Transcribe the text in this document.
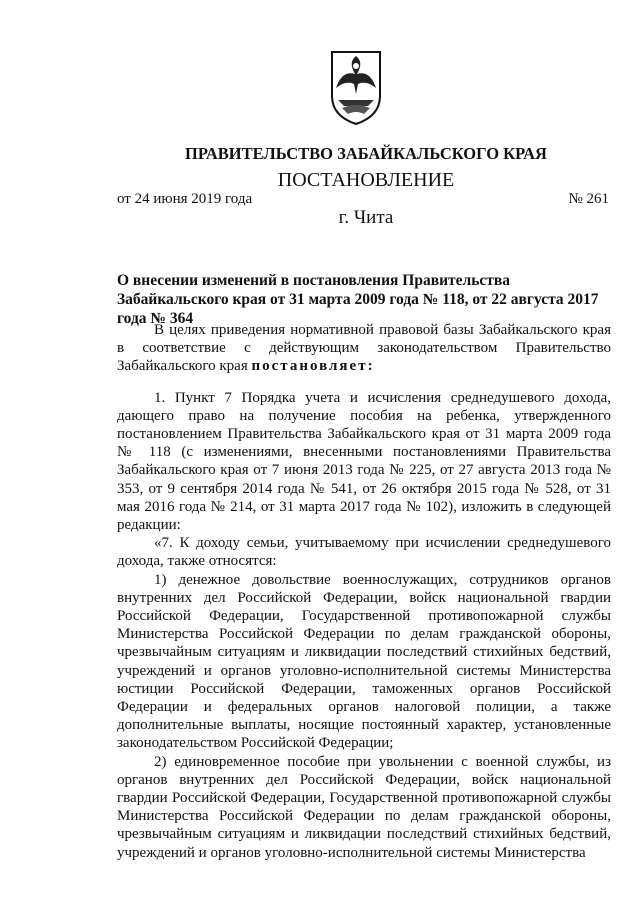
ПРАВИТЕЛЬСТВО ЗАБАЙКАЛЬСКОГО КРАЯ
ПОСТАНОВЛЕНИЕ
от 24 июня 2019 года	№ 261
г. Чита
О внесении изменений в постановления Правительства Забайкальского края от 31 марта 2009 года № 118, от 22 августа 2017 года № 364

В целях приведения нормативной правовой базы Забайкальского края в соответствие с действующим законодательством Правительство Забайкальского края постановляет:

1. Пункт 7 Порядка учета и исчисления среднедушевого дохода, дающего право на получение пособия на ребенка, утвержденного постановлением Правительства Забайкальского края от 31 марта 2009 года № 118 (с изменениями, внесенными постановлениями Правительства Забайкальского края от 7 июня 2013 года № 225, от 27 августа 2013 года № 353, от 9 сентября 2014 года № 541, от 26 октября 2015 года № 528, от 31 мая 2016 года № 214, от 31 марта 2017 года № 102), изложить в следующей редакции:

«7. К доходу семьи, учитываемому при исчислении среднедушевого дохода, также относятся:

1) денежное довольствие военнослужащих, сотрудников органов внутренних дел Российской Федерации, войск национальной гвардии Российской Федерации, Государственной противопожарной службы Министерства Российской Федерации по делам гражданской обороны, чрезвычайным ситуациям и ликвидации последствий стихийных бедствий, учреждений и органов уголовно-исполнительной системы Министерства юстиции Российской Федерации, таможенных органов Российской Федерации и федеральных органов налоговой полиции, а также дополнительные выплаты, носящие постоянный характер, установленные законодательством Российской Федерации;

2) единовременное пособие при увольнении с военной службы, из органов внутренних дел Российской Федерации, войск национальной гвардии Российской Федерации, Государственной противопожарной службы Министерства Российской Федерации по делам гражданской обороны, чрезвычайным ситуациям и ликвидации последствий стихийных бедствий, учреждений и органов уголовно-исполнительной системы Министерства
